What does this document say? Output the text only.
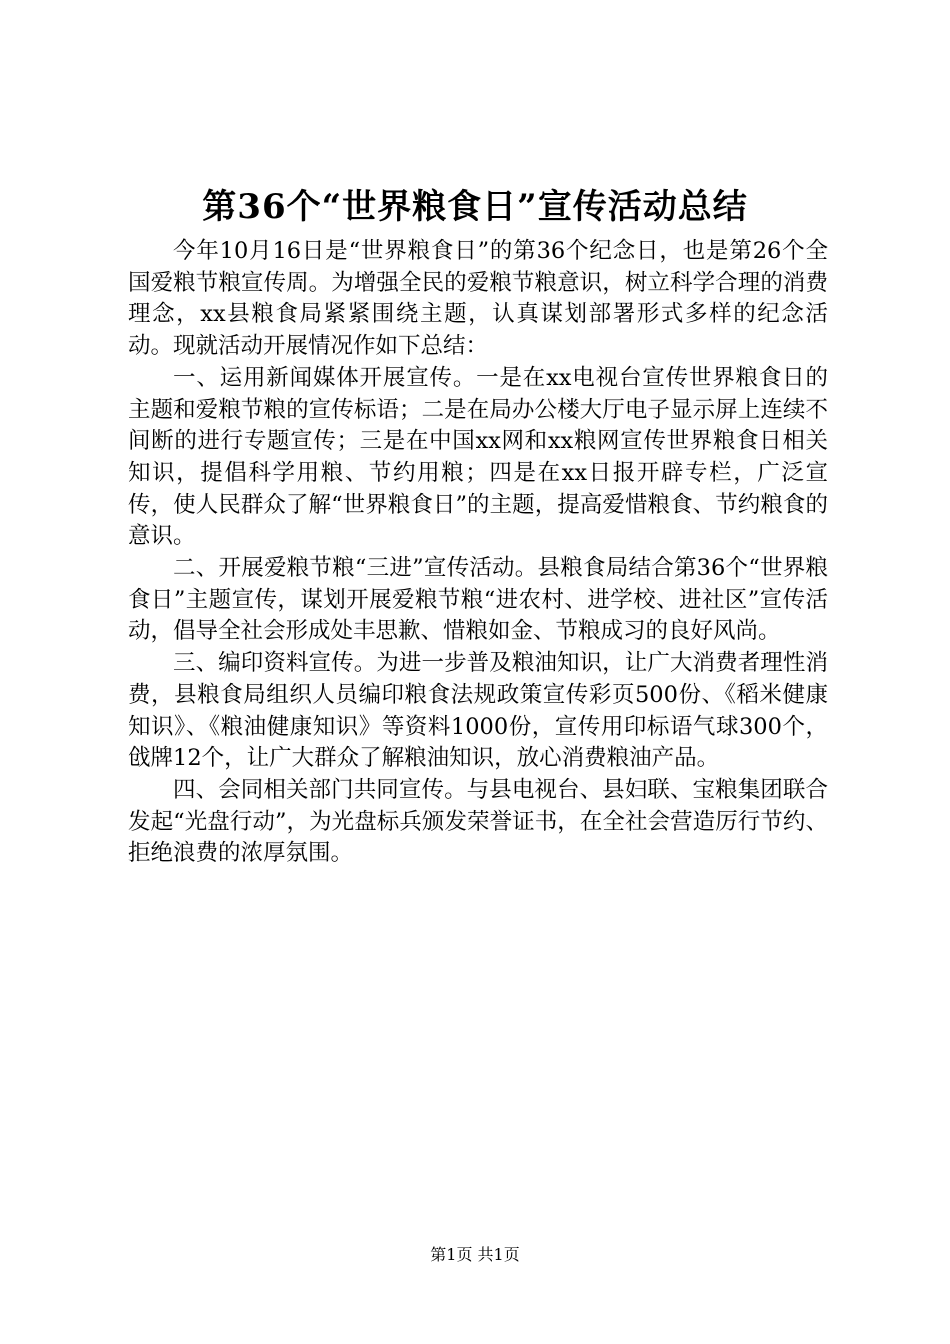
第36个“世界粮食日”宣传活动总结

今年10月16日是“世界粮食日”的第36个纪念日，也是第26个全国爱粮节粮宣传周。为增强全民的爱粮节粮意识，树立科学合理的消费理念，xx县粮食局紧紧围绕主题，认真谋划部署形式多样的纪念活动。现就活动开展情况作如下总结：

一、运用新闻媒体开展宣传。一是在xx电视台宣传世界粮食日的主题和爱粮节粮的宣传标语；二是在局办公楼大厅电子显示屏上连续不间断的进行专题宣传；三是在中国xx网和xx粮网宣传世界粮食日相关知识，提倡科学用粮、节约用粮；四是在xx日报开辟专栏，广泛宣传，使人民群众了解“世界粮食日”的主题，提高爱惜粮食、节约粮食的意识。

二、开展爱粮节粮“三进”宣传活动。县粮食局结合第36个“世界粮食日”主题宣传，谋划开展爱粮节粮“进农村、进学校、进社区”宣传活动，倡导全社会形成处丰思歉、惜粮如金、节粮成习的良好风尚。

三、编印资料宣传。为进一步普及粮油知识，让广大消费者理性消费，县粮食局组织人员编印粮食法规政策宣传彩页500份、《稻米健康知识》、《粮油健康知识》等资料1000份，宣传用印标语气球300个，戗牌12个，让广大群众了解粮油知识，放心消费粮油产品。

四、会同相关部门共同宣传。与县电视台、县妇联、宝粮集团联合发起“光盘行动”，为光盘标兵颁发荣誉证书，在全社会营造厉行节约、拒绝浪费的浓厚氛围。

第1页 共1页
